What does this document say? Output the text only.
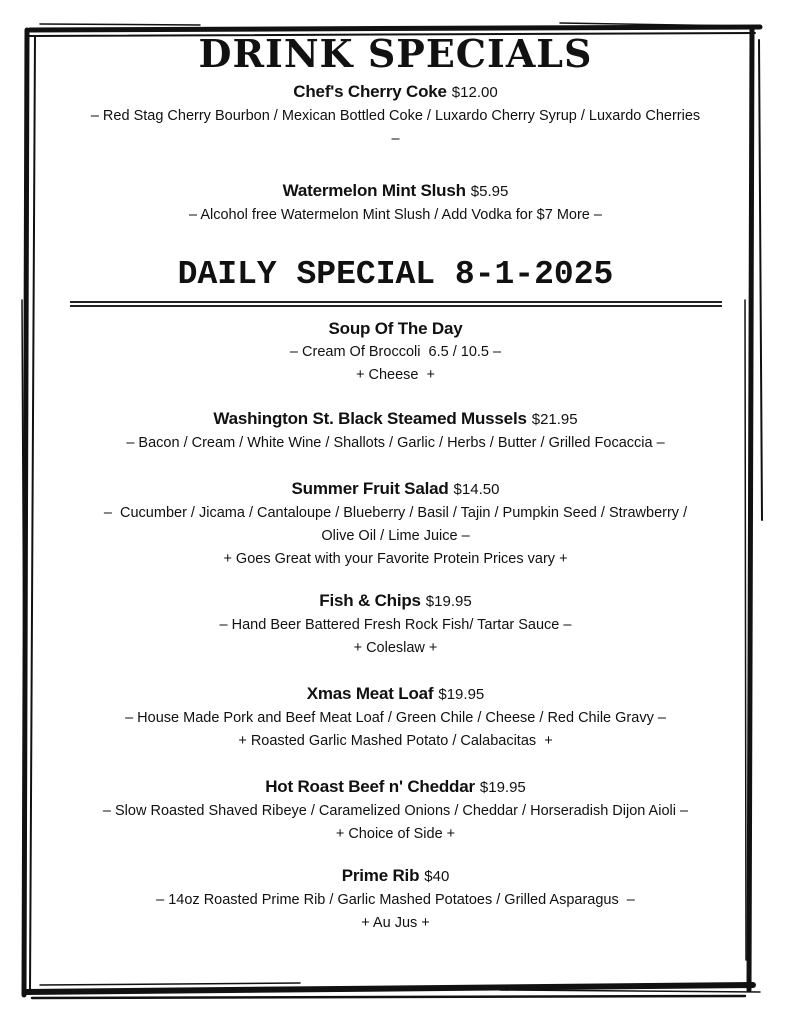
DRINK SPECIALS
Chef's Cherry Coke $12.00
– Red Stag Cherry Bourbon / Mexican Bottled Coke / Luxardo Cherry Syrup / Luxardo Cherries
–
Watermelon Mint Slush $5.95
– Alcohol free Watermelon Mint Slush / Add Vodka for $7 More –
DAILY SPECIAL 8-1-2025
Soup Of The Day
– Cream Of Broccoli  6.5 / 10.5 –
+ Cheese  +
Washington St. Black Steamed Mussels $21.95
– Bacon / Cream / White Wine / Shallots / Garlic / Herbs / Butter / Grilled Focaccia –
Summer Fruit Salad $14.50
–  Cucumber / Jicama / Cantaloupe / Blueberry / Basil / Tajin / Pumpkin Seed / Strawberry /
Olive Oil / Lime Juice –
+ Goes Great with your Favorite Protein Prices vary +
Fish & Chips $19.95
– Hand Beer Battered Fresh Rock Fish/ Tartar Sauce –
+ Coleslaw +
Xmas Meat Loaf $19.95
– House Made Pork and Beef Meat Loaf / Green Chile / Cheese / Red Chile Gravy –
+ Roasted Garlic Mashed Potato / Calabacitas  +
Hot Roast Beef n' Cheddar $19.95
– Slow Roasted Shaved Ribeye / Caramelized Onions / Cheddar / Horseradish Dijon Aioli –
+ Choice of Side +
Prime Rib $40
– 14oz Roasted Prime Rib / Garlic Mashed Potatoes / Grilled Asparagus  –
+ Au Jus +
